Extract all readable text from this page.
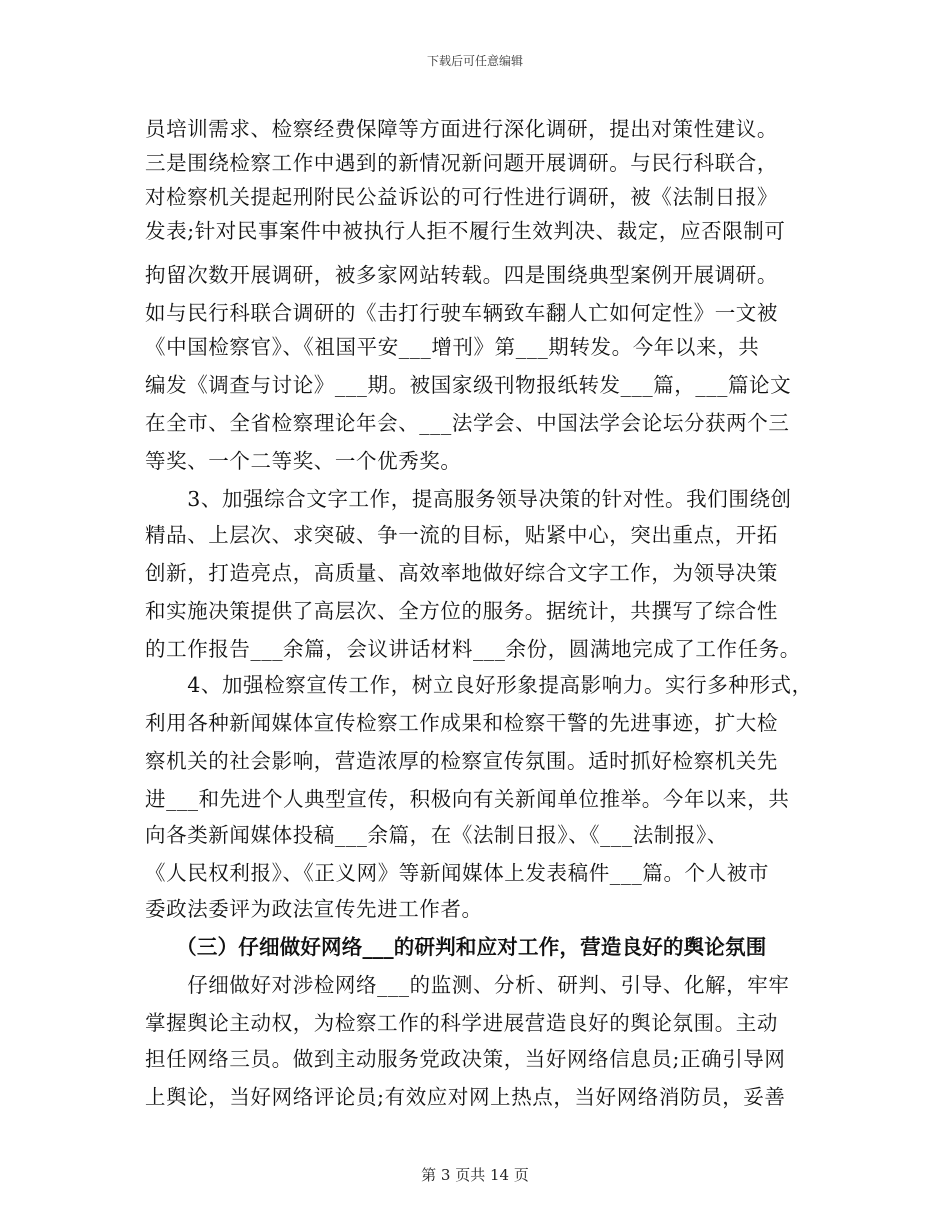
下载后可任意编辑
员培训需求、检察经费保障等方面进行深化调研，提出对策性建议。
三是围绕检察工作中遇到的新情况新问题开展调研。与民行科联合，
对检察机关提起刑附民公益诉讼的可行性进行调研，被《法制日报》
发表;针对民事案件中被执行人拒不履行生效判决、裁定，应否限制可
拘留次数开展调研，被多家网站转载。四是围绕典型案例开展调研。
如与民行科联合调研的《击打行驶车辆致车翻人亡如何定性》一文被
《中国检察官》、《祖国平安___增刊》第___期转发。今年以来，共
编发《调查与讨论》___期。被国家级刊物报纸转发___篇，___篇论文
在全市、全省检察理论年会、___法学会、中国法学会论坛分获两个三
等奖、一个二等奖、一个优秀奖。
　　3、加强综合文字工作，提高服务领导决策的针对性。我们围绕创
精品、上层次、求突破、争一流的目标，贴紧中心，突出重点，开拓
创新，打造亮点，高质量、高效率地做好综合文字工作，为领导决策
和实施决策提供了高层次、全方位的服务。据统计，共撰写了综合性
的工作报告___余篇，会议讲话材料___余份，圆满地完成了工作任务。
　　4、加强检察宣传工作，树立良好形象提高影响力。实行多种形式，
利用各种新闻媒体宣传检察工作成果和检察干警的先进事迹，扩大检
察机关的社会影响，营造浓厚的检察宣传氛围。适时抓好检察机关先
进___和先进个人典型宣传，积极向有关新闻单位推举。今年以来，共
向各类新闻媒体投稿___余篇，在《法制日报》、《___法制报》、
《人民权利报》、《正义网》等新闻媒体上发表稿件___篇。个人被市
委政法委评为政法宣传先进工作者。
　　（三）仔细做好网络___的研判和应对工作，营造良好的舆论氛围
　　仔细做好对涉检网络___的监测、分析、研判、引导、化解，牢牢
掌握舆论主动权，为检察工作的科学进展营造良好的舆论氛围。主动
担任网络三员。做到主动服务党政决策，当好网络信息员;正确引导网
上舆论，当好网络评论员;有效应对网上热点，当好网络消防员，妥善
第 3 页共 14 页
